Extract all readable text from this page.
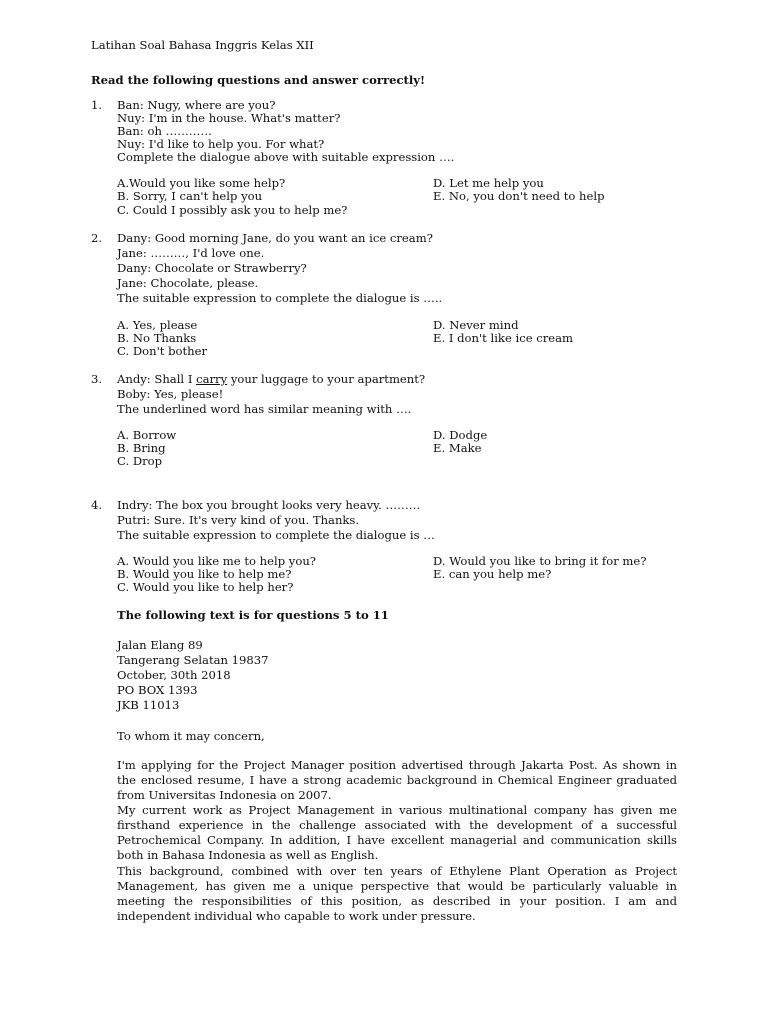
Latihan Soal Bahasa Inggris Kelas XII
Read the following questions and answer correctly!
1. Ban: Nugy, where are you?
Nuy: I'm in the house. What's matter?
Ban: oh …………
Nuy: I'd like to help you. For what?
Complete the dialogue above with suitable expression ….
A.Would you like some help?
B. Sorry, I can't help you
C. Could I possibly ask you to help me?
D. Let me help you
E. No, you don't need to help
2. Dany: Good morning Jane, do you want an ice cream?
Jane: ………, I'd love one.
Dany: Chocolate or Strawberry?
Jane: Chocolate, please.
The suitable expression to complete the dialogue is …..
A. Yes, please
B. No Thanks
C. Don't bother
D. Never mind
E. I don't like ice cream
3. Andy: Shall I carry your luggage to your apartment?
Boby: Yes, please!
The underlined word has similar meaning with ….
A. Borrow
B. Bring
C. Drop
D. Dodge
E. Make
4. Indry: The box you brought looks very heavy. ………
Putri: Sure. It's very kind of you. Thanks.
The suitable expression to complete the dialogue is …
A. Would you like me to help you?
B. Would you like to help me?
C. Would you like to help her?
D. Would you like to bring it for me?
E. can you help me?
The following text is for questions 5 to 11
Jalan Elang 89
Tangerang Selatan 19837
October, 30th 2018
PO BOX 1393
JKB 11013
To whom it may concern,
I'm applying for the Project Manager position advertised through Jakarta Post. As shown in the enclosed resume, I have a strong academic background in Chemical Engineer graduated from Universitas Indonesia on 2007.
My current work as Project Management in various multinational company has given me firsthand experience in the challenge associated with the development of a successful Petrochemical Company. In addition, I have excellent managerial and communication skills both in Bahasa Indonesia as well as English.
This background, combined with over ten years of Ethylene Plant Operation as Project Management, has given me a unique perspective that would be particularly valuable in meeting the responsibilities of this position, as described in your position. I am and independent individual who capable to work under pressure.
